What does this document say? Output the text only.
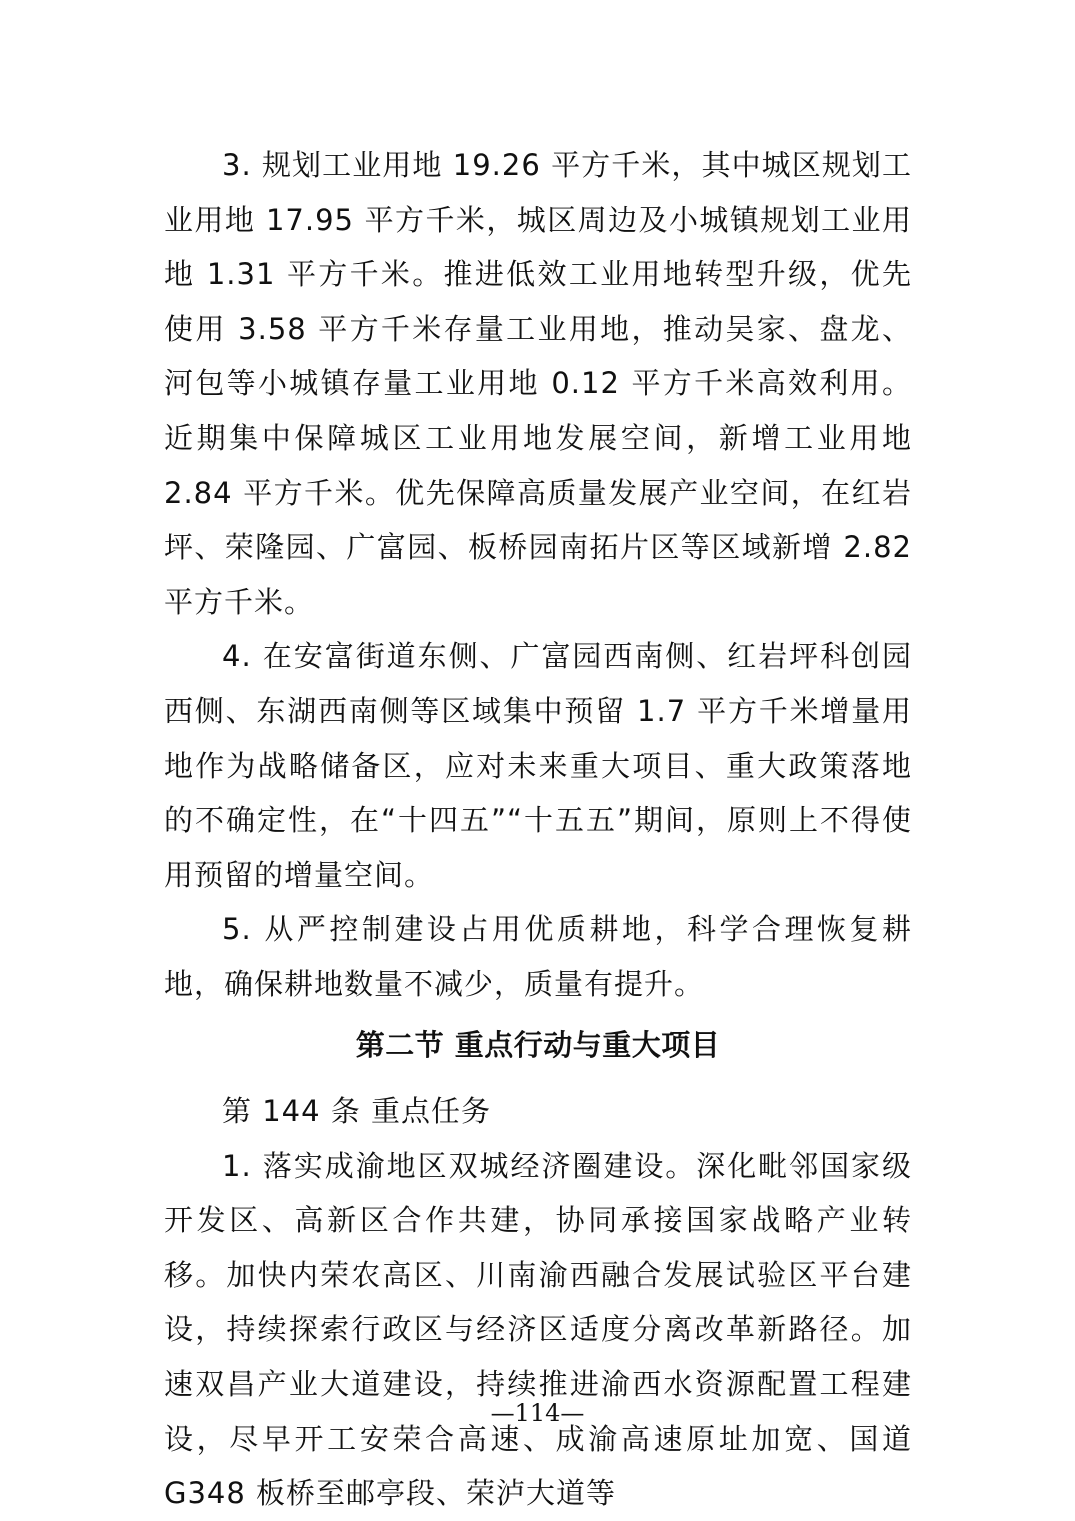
3. 规划工业用地 19.26 平方千米，其中城区规划工业用地 17.95 平方千米，城区周边及小城镇规划工业用地 1.31 平方千米。推进低效工业用地转型升级，优先使用 3.58 平方千米存量工业用地，推动吴家、盘龙、河包等小城镇存量工业用地 0.12 平方千米高效利用。近期集中保障城区工业用地发展空间，新增工业用地 2.84 平方千米。优先保障高质量发展产业空间，在红岩坪、荣隆园、广富园、板桥园南拓片区等区域新增 2.82 平方千米。

4. 在安富街道东侧、广富园西南侧、红岩坪科创园西侧、东湖西南侧等区域集中预留 1.7 平方千米增量用地作为战略储备区，应对未来重大项目、重大政策落地的不确定性，在“十四五”“十五五”期间，原则上不得使用预留的增量空间。

5. 从严控制建设占用优质耕地，科学合理恢复耕地，确保耕地数量不减少，质量有提升。

第二节 重点行动与重大项目

第 144 条 重点任务

1. 落实成渝地区双城经济圈建设。深化毗邻国家级开发区、高新区合作共建，协同承接国家战略产业转移。加快内荣农高区、川南渝西融合发展试验区平台建设，持续探索行政区与经济区适度分离改革新路径。加速双昌产业大道建设，持续推进渝西水资源配置工程建设，尽早开工安荣合高速、成渝高速原址加宽、国道 G348 板桥至邮亭段、荣泸大道等

—114—
